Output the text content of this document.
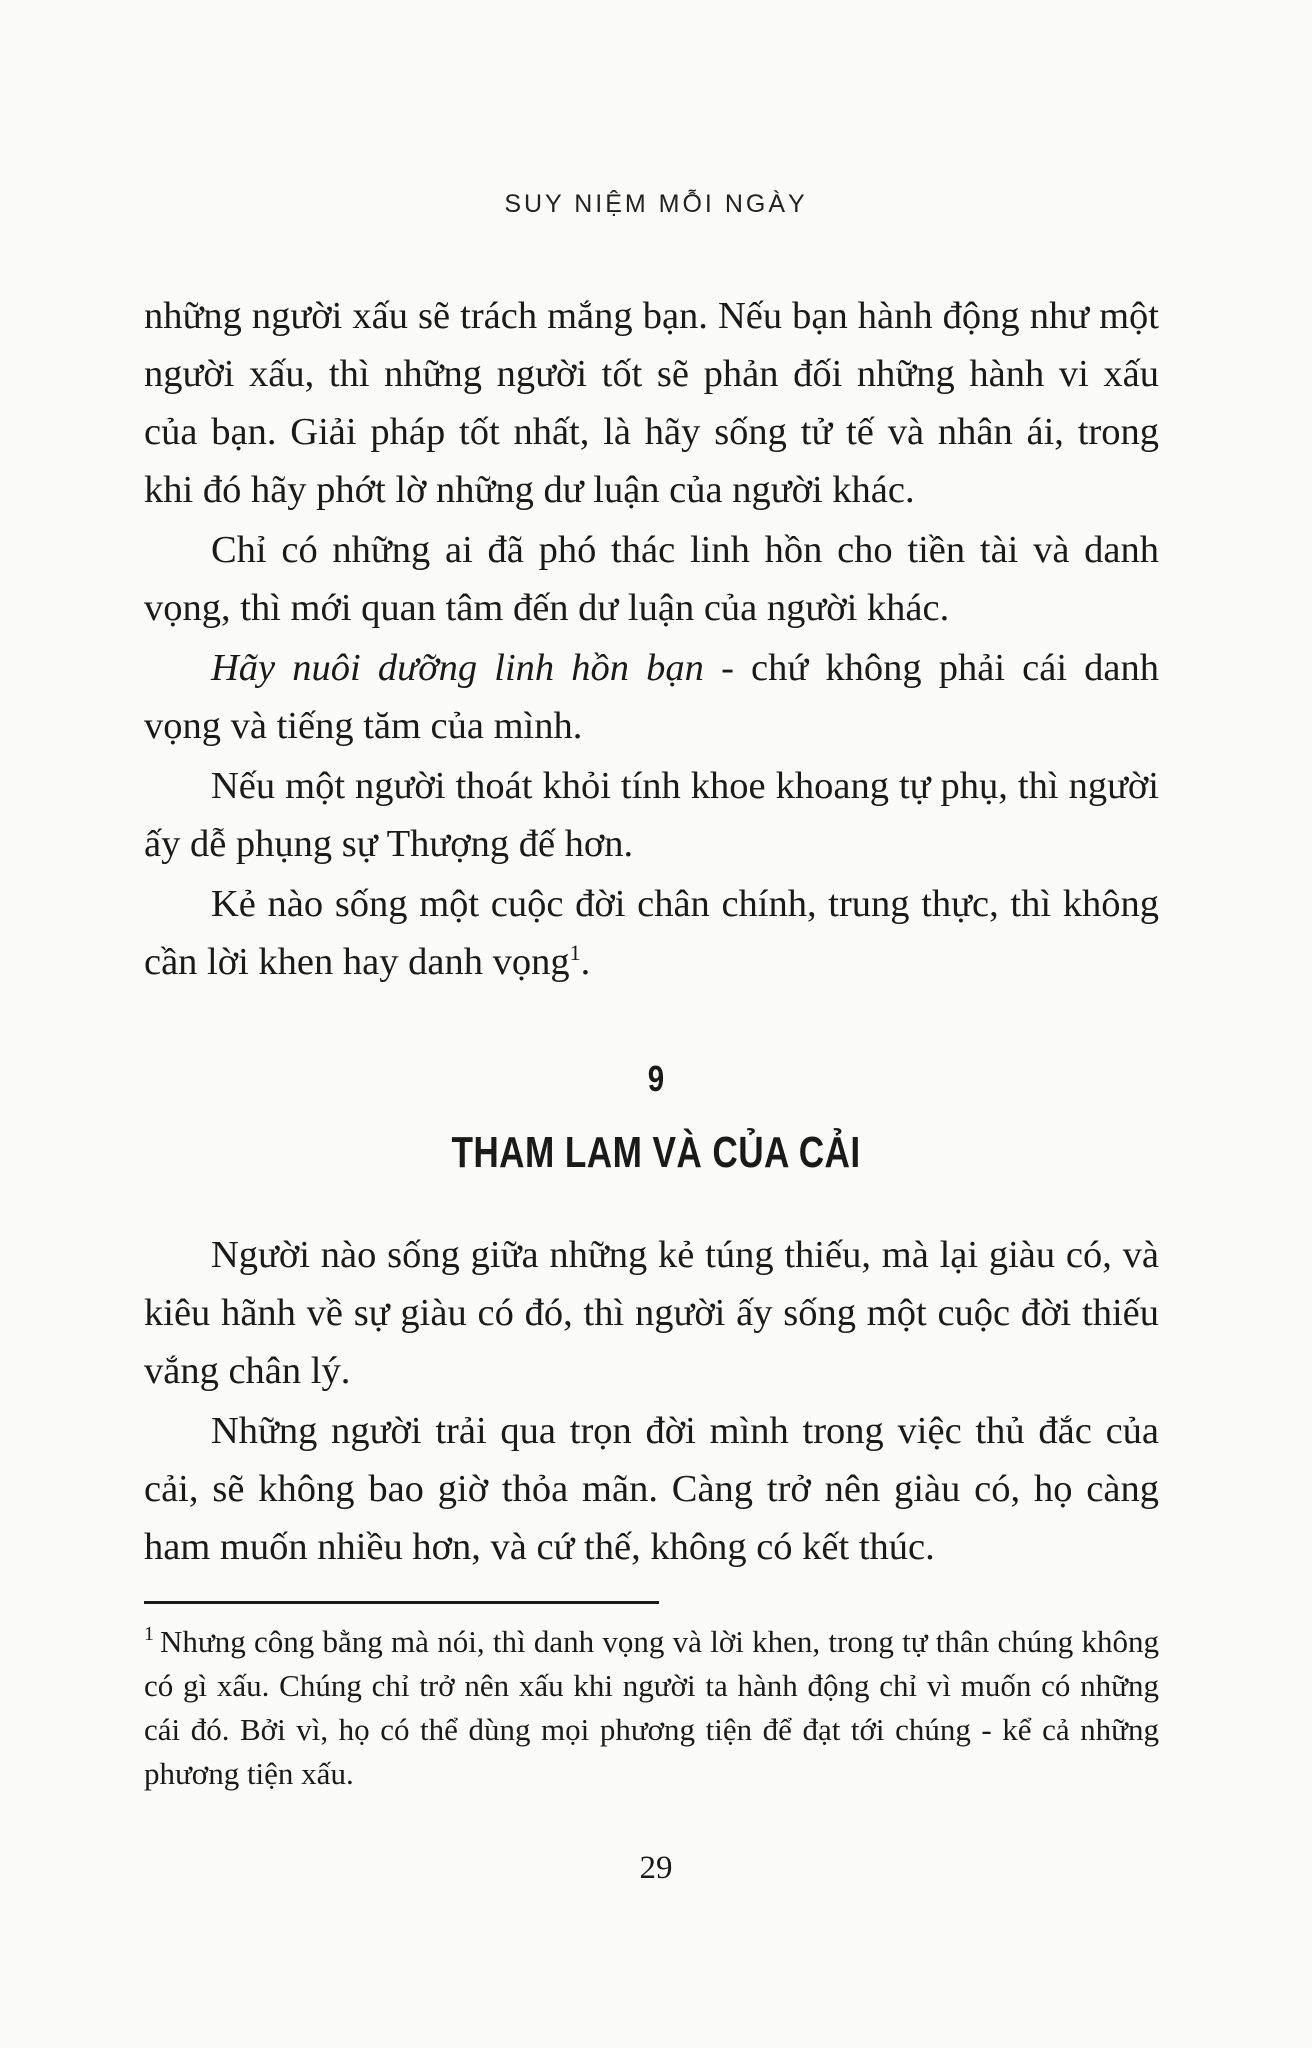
SUY NIỆM MỖI NGÀY

những người xấu sẽ trách mắng bạn. Nếu bạn hành động như một người xấu, thì những người tốt sẽ phản đối những hành vi xấu của bạn. Giải pháp tốt nhất, là hãy sống tử tế và nhân ái, trong khi đó hãy phớt lờ những dư luận của người khác.

Chỉ có những ai đã phó thác linh hồn cho tiền tài và danh vọng, thì mới quan tâm đến dư luận của người khác.

Hãy nuôi dưỡng linh hồn bạn - chứ không phải cái danh vọng và tiếng tăm của mình.

Nếu một người thoát khỏi tính khoe khoang tự phụ, thì người ấy dễ phụng sự Thượng đế hơn.

Kẻ nào sống một cuộc đời chân chính, trung thực, thì không cần lời khen hay danh vọng$^1$.

9
THAM LAM VÀ CỦA CẢI

Người nào sống giữa những kẻ túng thiếu, mà lại giàu có, và kiêu hãnh về sự giàu có đó, thì người ấy sống một cuộc đời thiếu vắng chân lý.

Những người trải qua trọn đời mình trong việc thủ đắc của cải, sẽ không bao giờ thỏa mãn. Càng trở nên giàu có, họ càng ham muốn nhiều hơn, và cứ thế, không có kết thúc.

$^1$ Nhưng công bằng mà nói, thì danh vọng và lời khen, trong tự thân chúng không có gì xấu. Chúng chỉ trở nên xấu khi người ta hành động chỉ vì muốn có những cái đó. Bởi vì, họ có thể dùng mọi phương tiện để đạt tới chúng - kể cả những phương tiện xấu.
29
